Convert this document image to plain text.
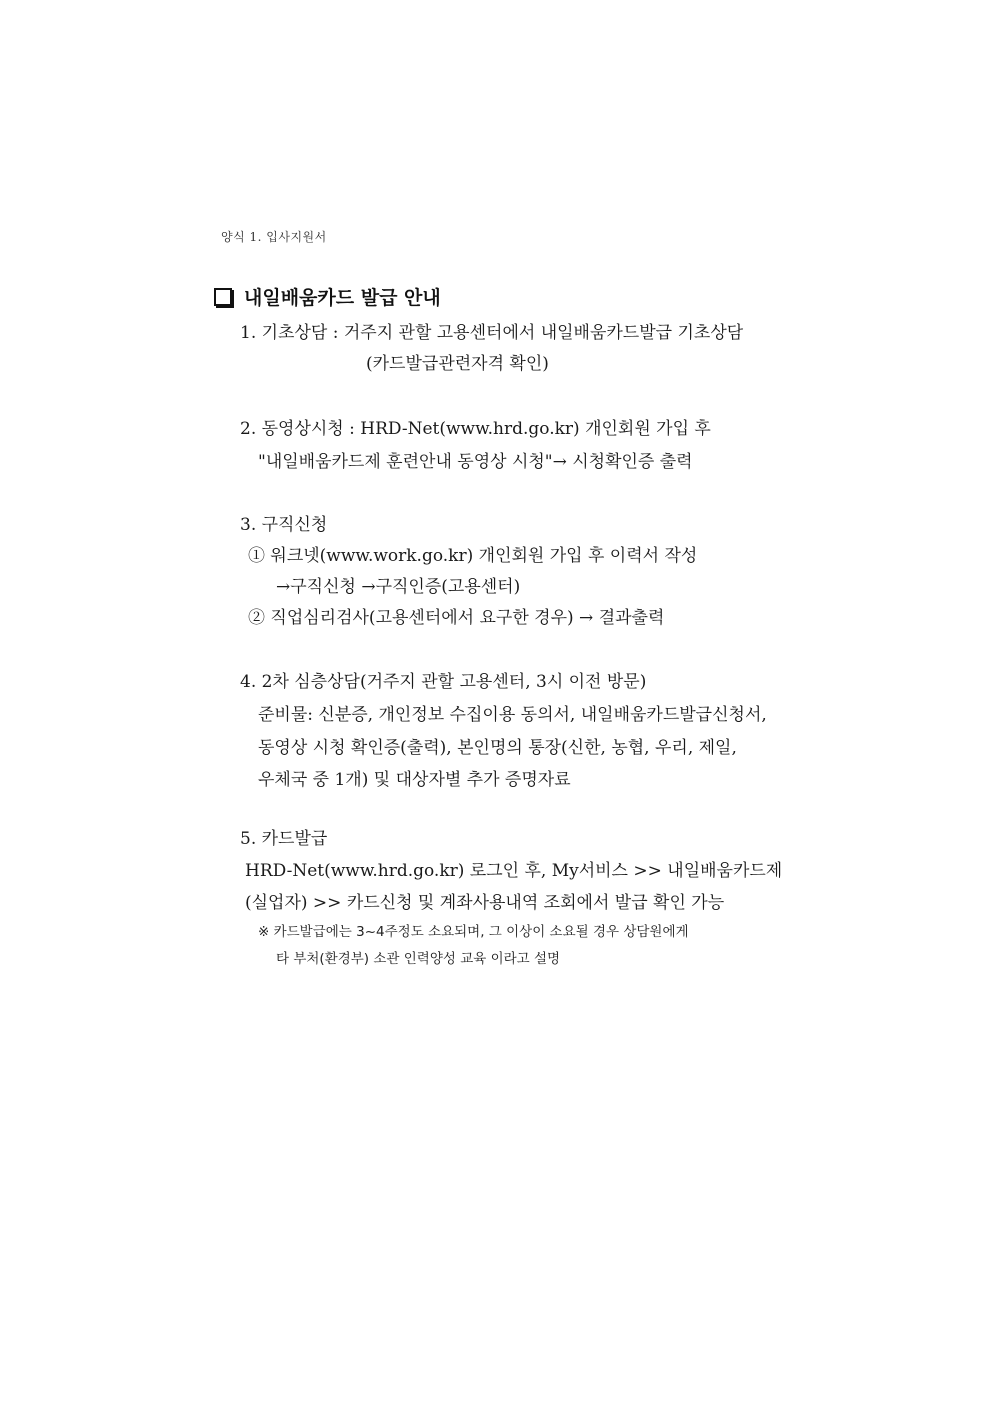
양식 1. 입사지원서
내일배움카드 발급 안내
1. 기초상담 : 거주지 관할 고용센터에서 내일배움카드발급 기초상담
(카드발급관련자격 확인)
2. 동영상시청 : HRD-Net(www.hrd.go.kr) 개인회원 가입 후
"내일배움카드제 훈련안내 동영상 시청"→ 시청확인증 출력
3. 구직신청
① 워크넷(www.work.go.kr) 개인회원 가입 후 이력서 작성
→구직신청 →구직인증(고용센터)
② 직업심리검사(고용센터에서 요구한 경우) → 결과출력
4. 2차 심층상담(거주지 관할 고용센터, 3시 이전 방문)
준비물: 신분증, 개인정보 수집이용 동의서, 내일배움카드발급신청서,
동영상 시청 확인증(출력), 본인명의 통장(신한, 농협, 우리, 제일,
우체국 중 1개) 및 대상자별 추가 증명자료
5. 카드발급
HRD-Net(www.hrd.go.kr) 로그인 후, My서비스 >> 내일배움카드제
(실업자) >> 카드신청 및 계좌사용내역 조회에서 발급 확인 가능
※ 카드발급에는 3~4주정도 소요되며, 그 이상이 소요될 경우 상담원에게
타 부처(환경부) 소관 인력양성 교육 이라고 설명
